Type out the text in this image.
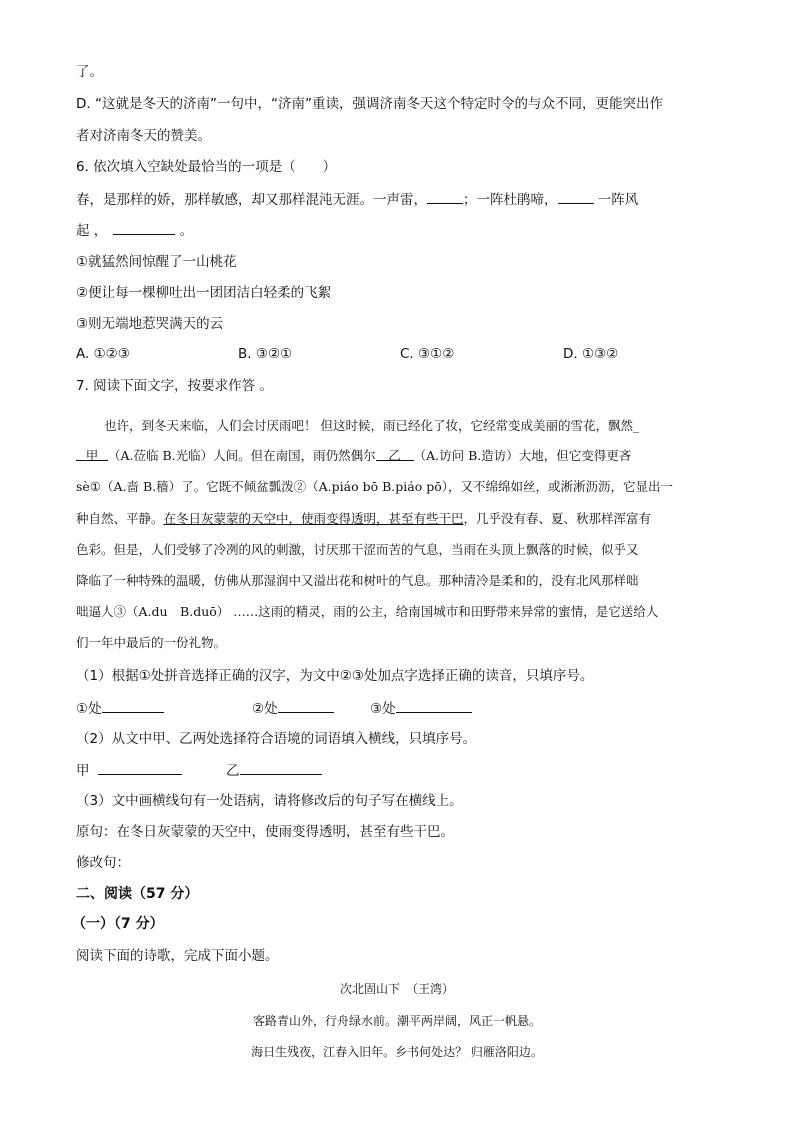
了。
D. “这就是冬天的济南”一句中，“济南”重读，强调济南冬天这个特定时令的与众不同，更能突出作
者对济南冬天的赞美。
6. 依次填入空缺处最恰当的一项是（　　）
春，是那样的娇，那样敏感，却又那样混沌无涯。一声雷，	；一阵杜鹃啼，	一阵风
起 ，	。
①就猛然间惊醒了一山桃花
②便让每一棵柳吐出一团团洁白轻柔的飞絮
③则无端地惹哭满天的云
A. ①②③	B. ③②①	C. ③①②	D. ①③②
7. 阅读下面文字，按要求作答 。
也许，到冬天来临，人们会讨厌雨吧！ 但这时候，雨已经化了妆，它经常变成美丽的雪花，飘然_
甲 （A.莅临 B.光临）人间。但在南国，雨仍然偶尔 乙 （A.访问 B.造访）大地，但它变得更吝
sè①（A.啬 B.穑）了。它既不倾盆瓢泼②（A.piáo bō B.piáo pō），又不绵绵如丝，或淅淅沥沥，它显出一
种自然、平静。在冬日灰蒙蒙的天空中，使雨变得透明，甚至有些干巴，几乎没有春、夏、秋那样浑富有
色彩。但是，人们受够了冷冽的风的刺激，讨厌那干涩而苦的气息，当雨在头顶上飘落的时候，似乎又
降临了一种特殊的温暖，仿佛从那湿润中又溢出花和树叶的气息。那种清冷是柔和的，没有北风那样咄
咄逼人③（A.du　B.duō） ……这雨的精灵，雨的公主，给南国城市和田野带来异常的蜜情，是它送给人
们一年中最后的一份礼物。
（1）根据①处拼音选择正确的汉字，为文中②③处加点字选择正确的读音，只填序号。
①处	②处	③处
（2）从文中甲、乙两处选择符合语境的词语填入横线，只填序号。
甲	乙
（3）文中画横线句有一处语病，请将修改后的句子写在横线上。
原句：在冬日灰蒙蒙的天空中，使雨变得透明，甚至有些干巴。
修改句：
二、阅读（57 分）
（一）（7 分）
阅读下面的诗歌，完成下面小题。
次北固山下　（王湾）
客路青山外，行舟绿水前。潮平两岸阔，风正一帆悬。
海日生残夜，江春入旧年。乡书何处达？ 归雁洛阳边。
